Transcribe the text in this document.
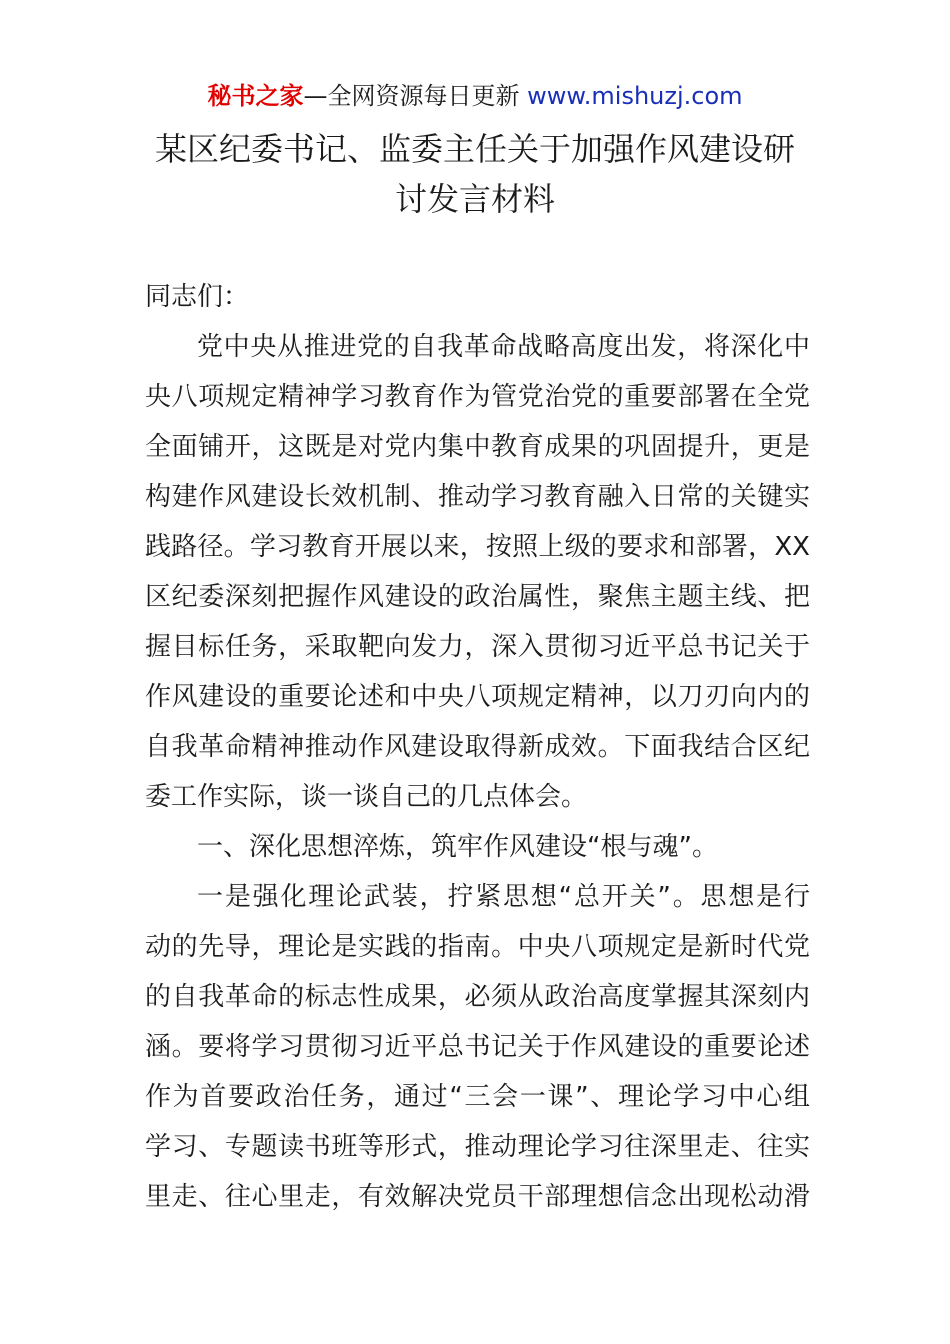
秘书之家—全网资源每日更新 www.mishuzj.com
某区纪委书记、监委主任关于加强作风建设研
讨发言材料
同志们：
党中央从推进党的自我革命战略高度出发，将深化中
央八项规定精神学习教育作为管党治党的重要部署在全党
全面铺开，这既是对党内集中教育成果的巩固提升，更是
构建作风建设长效机制、推动学习教育融入日常的关键实
践路径。学习教育开展以来，按照上级的要求和部署，XX
区纪委深刻把握作风建设的政治属性，聚焦主题主线、把
握目标任务，采取靶向发力，深入贯彻习近平总书记关于
作风建设的重要论述和中央八项规定精神，以刀刃向内的
自我革命精神推动作风建设取得新成效。下面我结合区纪
委工作实际，谈一谈自己的几点体会。
一、深化思想淬炼，筑牢作风建设“根与魂”。
一是强化理论武装，拧紧思想“总开关”。思想是行
动的先导，理论是实践的指南。中央八项规定是新时代党
的自我革命的标志性成果，必须从政治高度掌握其深刻内
涵。要将学习贯彻习近平总书记关于作风建设的重要论述
作为首要政治任务，通过“三会一课”、理论学习中心组
学习、专题读书班等形式，推动理论学习往深里走、往实
里走、往心里走，有效解决党员干部理想信念出现松动滑
